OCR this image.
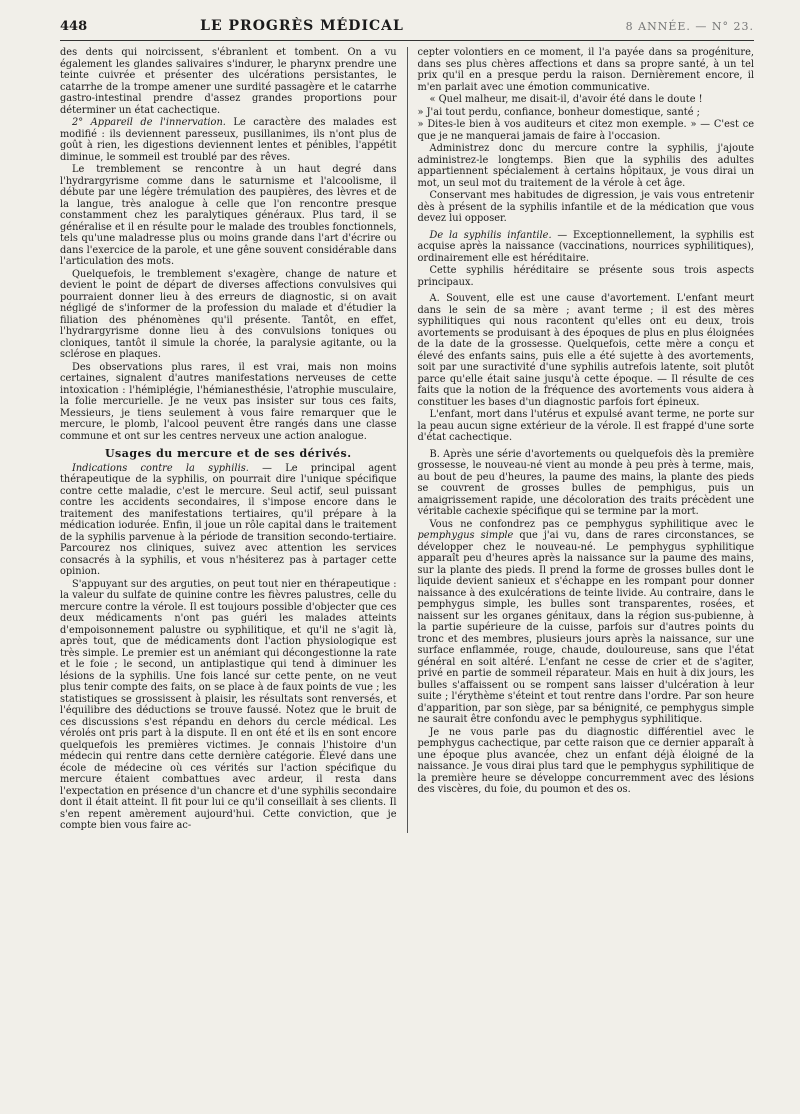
448	LE PROGRÈS MÉDICAL	8 ANNÉE. — N° 23.

des dents qui noircissent, s'ébranlent et tombent. On a vu également les glandes salivaires s'indurer, le pharynx prendre une teinte cuivrée et présenter des ulcérations persistantes, le catarrhe de la trompe amener une surdité passagère et le catarrhe gastro-intestinal prendre d'assez grandes proportions pour déterminer un état cachectique.

2° Appareil de l'innervation. Le caractère des malades est modifié : ils deviennent paresseux, pusillanimes, ils n'ont plus de goût à rien, les digestions deviennent lentes et pénibles, l'appétit diminue, le sommeil est troublé par des rêves.

Le tremblement se rencontre à un haut degré dans l'hydrargyrisme comme dans le saturnisme et l'alcoolisme, il débute par une légère trémulation des paupières, des lèvres et de la langue, très analogue à celle que l'on rencontre presque constamment chez les paralytiques généraux. Plus tard, il se généralise et il en résulte pour le malade des troubles fonctionnels, tels qu'une maladresse plus ou moins grande dans l'art d'écrire ou dans l'exercice de la parole, et une gêne souvent considérable dans l'articulation des mots.

Quelquefois, le tremblement s'exagère, change de nature et devient le point de départ de diverses affections convulsives qui pourraient donner lieu à des erreurs de diagnostic, si on avait négligé de s'informer de la profession du malade et d'étudier la filiation des phénomènes qu'il présente. Tantôt, en effet, l'hydrargyrisme donne lieu à des convulsions toniques ou cloniques, tantôt il simule la chorée, la paralysie agitante, ou la sclérose en plaques.

Des observations plus rares, il est vrai, mais non moins certaines, signalent d'autres manifestations nerveuses de cette intoxication : l'hémiplégie, l'hémianesthésie, l'atrophie musculaire, la folie mercurielle. Je ne veux pas insister sur tous ces faits, Messieurs, je tiens seulement à vous faire remarquer que le mercure, le plomb, l'alcool peuvent être rangés dans une classe commune et ont sur les centres nerveux une action analogue.

Usages du mercure et de ses dérivés.

Indications contre la syphilis. — Le principal agent thérapeutique de la syphilis, on pourrait dire l'unique spécifique contre cette maladie, c'est le mercure. Seul actif, seul puissant contre les accidents secondaires, il s'impose encore dans le traitement des manifestations tertiaires, qu'il prépare à la médication iodurée. Enfin, il joue un rôle capital dans le traitement de la syphilis parvenue à la période de transition secondo-tertiaire. Parcourez nos cliniques, suivez avec attention les services consacrés à la syphilis, et vous n'hésiterez pas à partager cette opinion.

S'appuyant sur des arguties, on peut tout nier en thérapeutique : la valeur du sulfate de quinine contre les fièvres palustres, celle du mercure contre la vérole. Il est toujours possible d'objecter que ces deux médicaments n'ont pas guéri les malades atteints d'empoisonnement palustre ou syphilitique, et qu'il ne s'agit là, après tout, que de médicaments dont l'action physiologique est très simple. Le premier est un anémiant qui décongestionne la rate et le foie ; le second, un antiplastique qui tend à diminuer les lésions de la syphilis. Une fois lancé sur cette pente, on ne veut plus tenir compte des faits, on se place à de faux points de vue ; les statistiques se grossissent à plaisir, les résultats sont renversés, et l'équilibre des déductions se trouve faussé. Notez que le bruit de ces discussions s'est répandu en dehors du cercle médical. Les vérolés ont pris part à la dispute. Il en ont été et ils en sont encore quelquefois les premières victimes. Je connais l'histoire d'un médecin qui rentre dans cette dernière catégorie. Élevé dans une école de médecine où ces vérités sur l'action spécifique du mercure étaient combattues avec ardeur, il resta dans l'expectation en présence d'un chancre et d'une syphilis secondaire dont il était atteint. Il fit pour lui ce qu'il conseillait à ses clients. Il s'en repent amèrement aujourd'hui. Cette conviction, que je compte bien vous faire ac-

cepter volontiers en ce moment, il l'a payée dans sa progéniture, dans ses plus chères affections et dans sa propre santé, à un tel prix qu'il en a presque perdu la raison. Dernièrement encore, il m'en parlait avec une émotion communicative.

« Quel malheur, me disait-il, d'avoir été dans le doute !

» J'ai tout perdu, confiance, bonheur domestique, santé ;

» Dites-le bien à vos auditeurs et citez mon exemple. » — C'est ce que je ne manquerai jamais de faire à l'occasion.

Administrez donc du mercure contre la syphilis, j'ajoute administrez-le longtemps. Bien que la syphilis des adultes appartiennent spécialement à certains hôpitaux, je vous dirai un mot, un seul mot du traitement de la vérole à cet âge.

Conservant mes habitudes de digression, je vais vous entretenir dès à présent de la syphilis infantile et de la médication que vous devez lui opposer.

De la syphilis infantile. — Exceptionnellement, la syphilis est acquise après la naissance (vaccinations, nourrices syphilitiques), ordinairement elle est héréditaire.

Cette syphilis héréditaire se présente sous trois aspects principaux.

A. Souvent, elle est une cause d'avortement. L'enfant meurt dans le sein de sa mère ; avant terme ; il est des mères syphilitiques qui nous racontent qu'elles ont eu deux, trois avortements se produisant à des époques de plus en plus éloignées de la date de la grossesse. Quelquefois, cette mère a conçu et élevé des enfants sains, puis elle a été sujette à des avortements, soit par une suractivité d'une syphilis autrefois latente, soit plutôt parce qu'elle était saine jusqu'à cette époque. — Il résulte de ces faits que la notion de la fréquence des avortements vous aidera à constituer les bases d'un diagnostic parfois fort épineux.

L'enfant, mort dans l'utérus et expulsé avant terme, ne porte sur la peau aucun signe extérieur de la vérole. Il est frappé d'une sorte d'état cachectique.

B. Après une série d'avortements ou quelquefois dès la première grossesse, le nouveau-né vient au monde à peu près à terme, mais, au bout de peu d'heures, la paume des mains, la plante des pieds se couvrent de grosses bulles de pemphigus, puis un amaigrissement rapide, une décoloration des traits précèdent une véritable cachexie spécifique qui se termine par la mort.

Vous ne confondrez pas ce pemphygus syphilitique avec le pemphygus simple que j'ai vu, dans de rares circonstances, se développer chez le nouveau-né. Le pemphygus syphilitique apparaît peu d'heures après la naissance sur la paume des mains, sur la plante des pieds. Il prend la forme de grosses bulles dont le liquide devient sanieux et s'échappe en les rompant pour donner naissance à des exulcérations de teinte livide. Au contraire, dans le pemphygus simple, les bulles sont transparentes, rosées, et naissent sur les organes génitaux, dans la région sus-pubienne, à la partie supérieure de la cuisse, parfois sur d'autres points du tronc et des membres, plusieurs jours après la naissance, sur une surface enflammée, rouge, chaude, douloureuse, sans que l'état général en soit altéré. L'enfant ne cesse de crier et de s'agiter, privé en partie de sommeil réparateur. Mais en huit à dix jours, les bulles s'affaissent ou se rompent sans laisser d'ulcération à leur suite ; l'érythème s'éteint et tout rentre dans l'ordre. Par son heure d'apparition, par son siège, par sa bénignité, ce pemphygus simple ne saurait être confondu avec le pemphygus syphilitique.

Je ne vous parle pas du diagnostic différentiel avec le pemphygus cachectique, par cette raison que ce dernier apparaît à une époque plus avancée, chez un enfant déjà éloigné de la naissance. Je vous dirai plus tard que le pemphygus syphilitique de la première heure se développe concurremment avec des lésions des viscères, du foie, du poumon et des os.
